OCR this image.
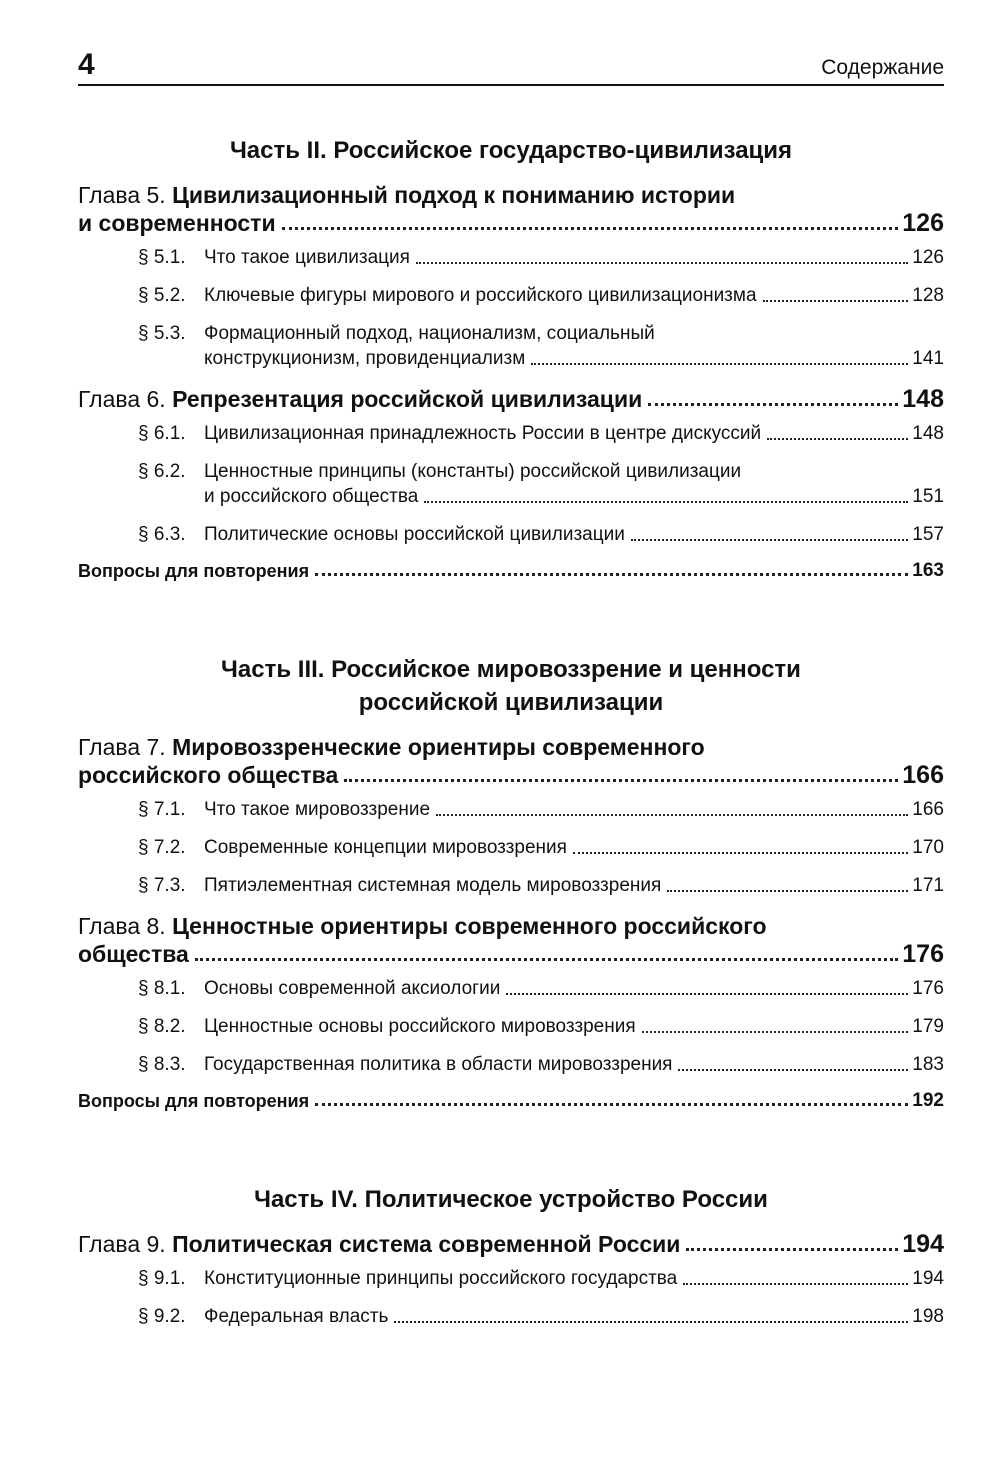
4	Содержание
Часть II. Российское государство-цивилизация
Глава 5. Цивилизационный подход к пониманию истории
и современности	126
§ 5.1. Что такое цивилизация	126
§ 5.2. Ключевые фигуры мирового и российского цивилизационизма	128
§ 5.3. Формационный подход, национализм, социальный
конструкционизм, провиденциализм	141
Глава 6. Репрезентация российской цивилизации	148
§ 6.1. Цивилизационная принадлежность России в центре дискуссий	148
§ 6.2. Ценностные принципы (константы) российской цивилизации
и российского общества	151
§ 6.3. Политические основы российской цивилизации	157
Вопросы для повторения	163
Часть III. Российское мировоззрение и ценности
российской цивилизации
Глава 7. Мировоззренческие ориентиры современного
российского общества	166
§ 7.1. Что такое мировоззрение	166
§ 7.2. Современные концепции мировоззрения	170
§ 7.3. Пятиэлементная системная модель мировоззрения	171
Глава 8. Ценностные ориентиры современного российского
общества	176
§ 8.1. Основы современной аксиологии	176
§ 8.2. Ценностные основы российского мировоззрения	179
§ 8.3. Государственная политика в области мировоззрения	183
Вопросы для повторения	192
Часть IV. Политическое устройство России
Глава 9. Политическая система современной России	194
§ 9.1. Конституционные принципы российского государства	194
§ 9.2. Федеральная власть	198
